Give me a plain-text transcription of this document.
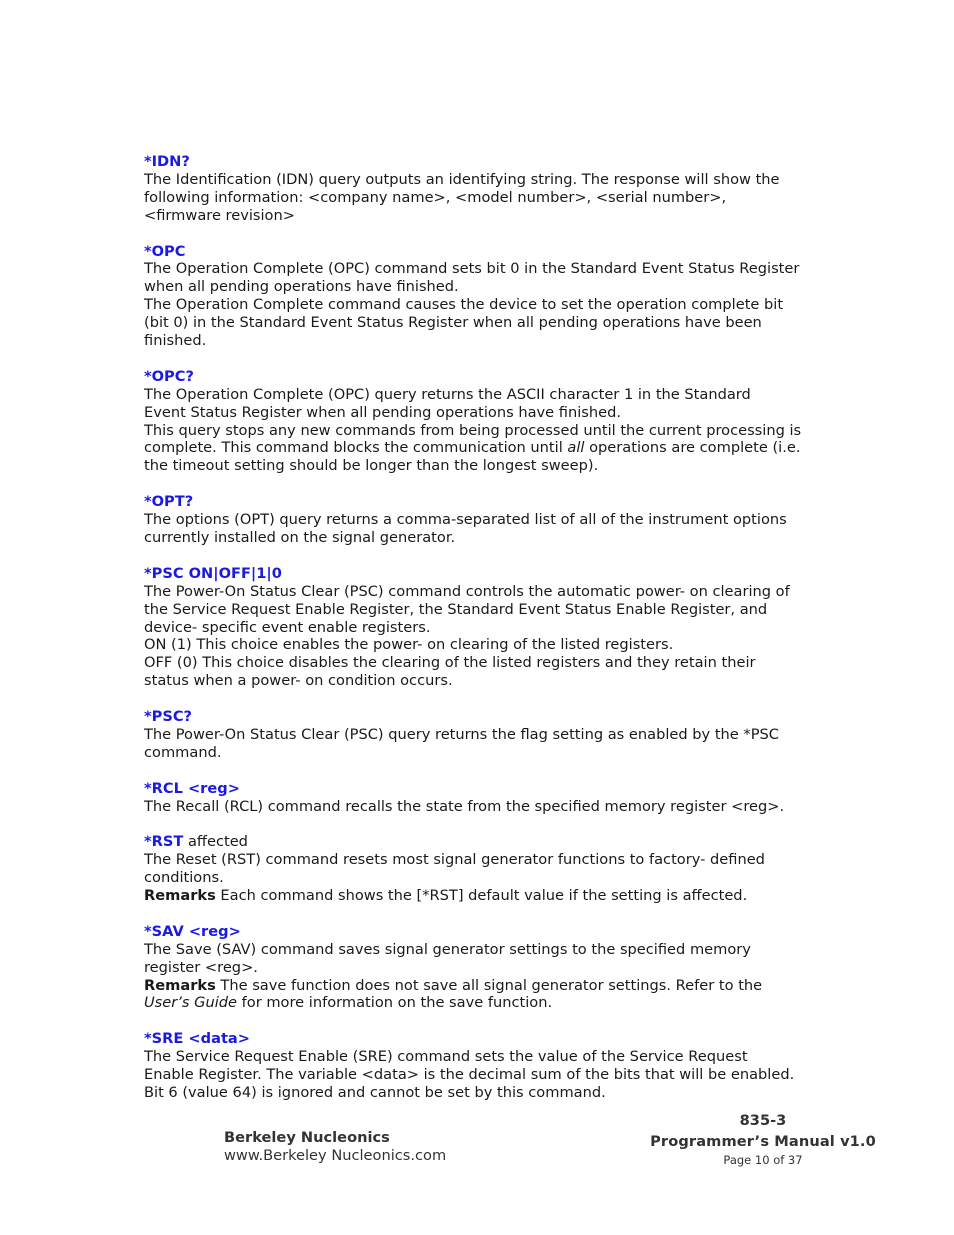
*IDN?
The Identification (IDN) query outputs an identifying string. The response will show the
following information: <company name>, <model number>, <serial number>,
<firmware revision>
*OPC
The Operation Complete (OPC) command sets bit 0 in the Standard Event Status Register
when all pending operations have finished.
The Operation Complete command causes the device to set the operation complete bit
(bit 0) in the Standard Event Status Register when all pending operations have been
finished.
*OPC?
The Operation Complete (OPC) query returns the ASCII character 1 in the Standard
Event Status Register when all pending operations have finished.
This query stops any new commands from being processed until the current processing is
complete. This command blocks the communication until all operations are complete (i.e.
the timeout setting should be longer than the longest sweep).
*OPT?
The options (OPT) query returns a comma-separated list of all of the instrument options
currently installed on the signal generator.
*PSC ON|OFF|1|0
The Power-On Status Clear (PSC) command controls the automatic power- on clearing of
the Service Request Enable Register, the Standard Event Status Enable Register, and
device- specific event enable registers.
ON (1) This choice enables the power- on clearing of the listed registers.
OFF (0) This choice disables the clearing of the listed registers and they retain their
status when a power- on condition occurs.
*PSC?
The Power-On Status Clear (PSC) query returns the flag setting as enabled by the *PSC
command.
*RCL <reg>
The Recall (RCL) command recalls the state from the specified memory register <reg>.
*RST affected
The Reset (RST) command resets most signal generator functions to factory- defined
conditions.
Remarks Each command shows the [*RST] default value if the setting is affected.
*SAV <reg>
The Save (SAV) command saves signal generator settings to the specified memory
register <reg>.
Remarks The save function does not save all signal generator settings. Refer to the
User’s Guide for more information on the save function.
*SRE <data>
The Service Request Enable (SRE) command sets the value of the Service Request
Enable Register. The variable <data> is the decimal sum of the bits that will be enabled.
Bit 6 (value 64) is ignored and cannot be set by this command.
Berkeley Nucleonics
www.Berkeley Nucleonics.com
835-3
Programmer’s Manual v1.0
Page 10 of 37
